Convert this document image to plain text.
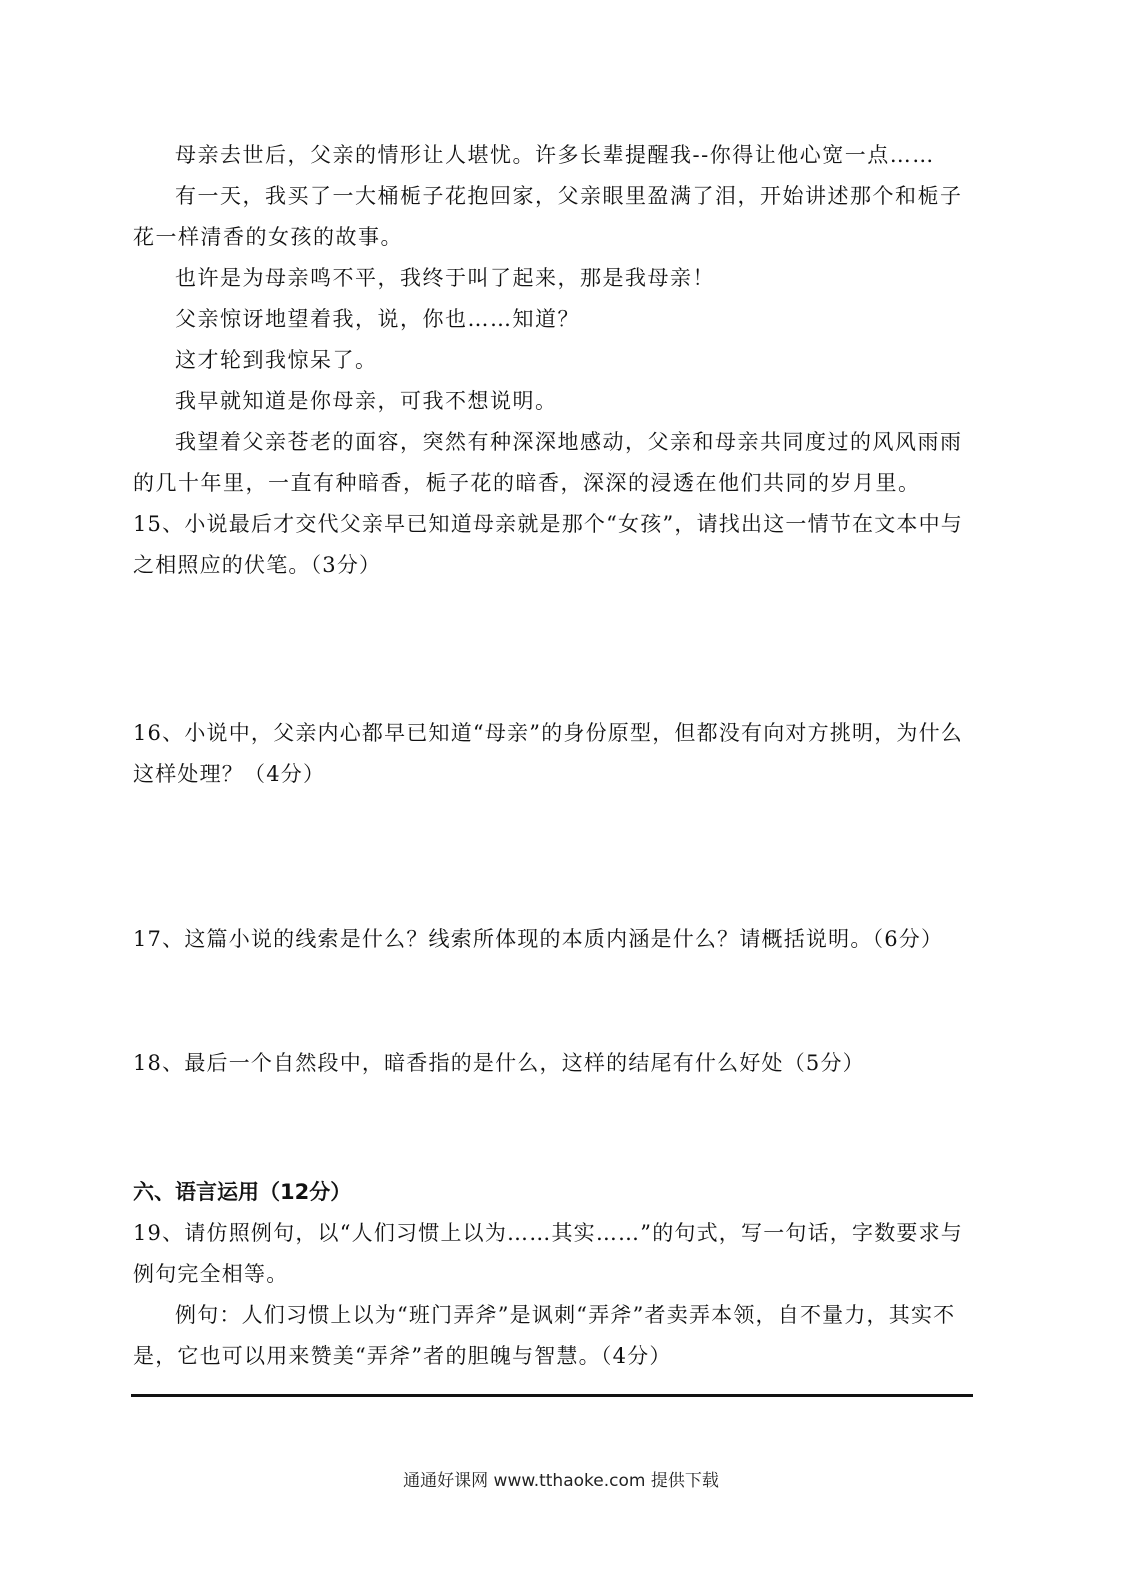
母亲去世后，父亲的情形让人堪忧。许多长辈提醒我--你得让他心宽一点……

有一天，我买了一大桶栀子花抱回家，父亲眼里盈满了泪，开始讲述那个和栀子花一样清香的女孩的故事。

也许是为母亲鸣不平，我终于叫了起来，那是我母亲！

父亲惊讶地望着我，说，你也……知道？

这才轮到我惊呆了。

我早就知道是你母亲，可我不想说明。

我望着父亲苍老的面容，突然有种深深地感动，父亲和母亲共同度过的风风雨雨的几十年里，一直有种暗香，栀子花的暗香，深深的浸透在他们共同的岁月里。

15、小说最后才交代父亲早已知道母亲就是那个“女孩”，请找出这一情节在文本中与之相照应的伏笔。（3分）

16、小说中，父亲内心都早已知道“母亲”的身份原型，但都没有向对方挑明，为什么这样处理？（4分）

17、这篇小说的线索是什么？线索所体现的本质内涵是什么？请概括说明。（6分）

18、最后一个自然段中，暗香指的是什么，这样的结尾有什么好处（5分）

六、语言运用（12分）

19、请仿照例句，以“人们习惯上以为……其实……”的句式，写一句话，字数要求与例句完全相等。

例句：人们习惯上以为“班门弄斧”是讽刺“弄斧”者卖弄本领，自不量力，其实不是，它也可以用来赞美“弄斧”者的胆魄与智慧。（4分）

通通好课网 www.tthaoke.com 提供下载
